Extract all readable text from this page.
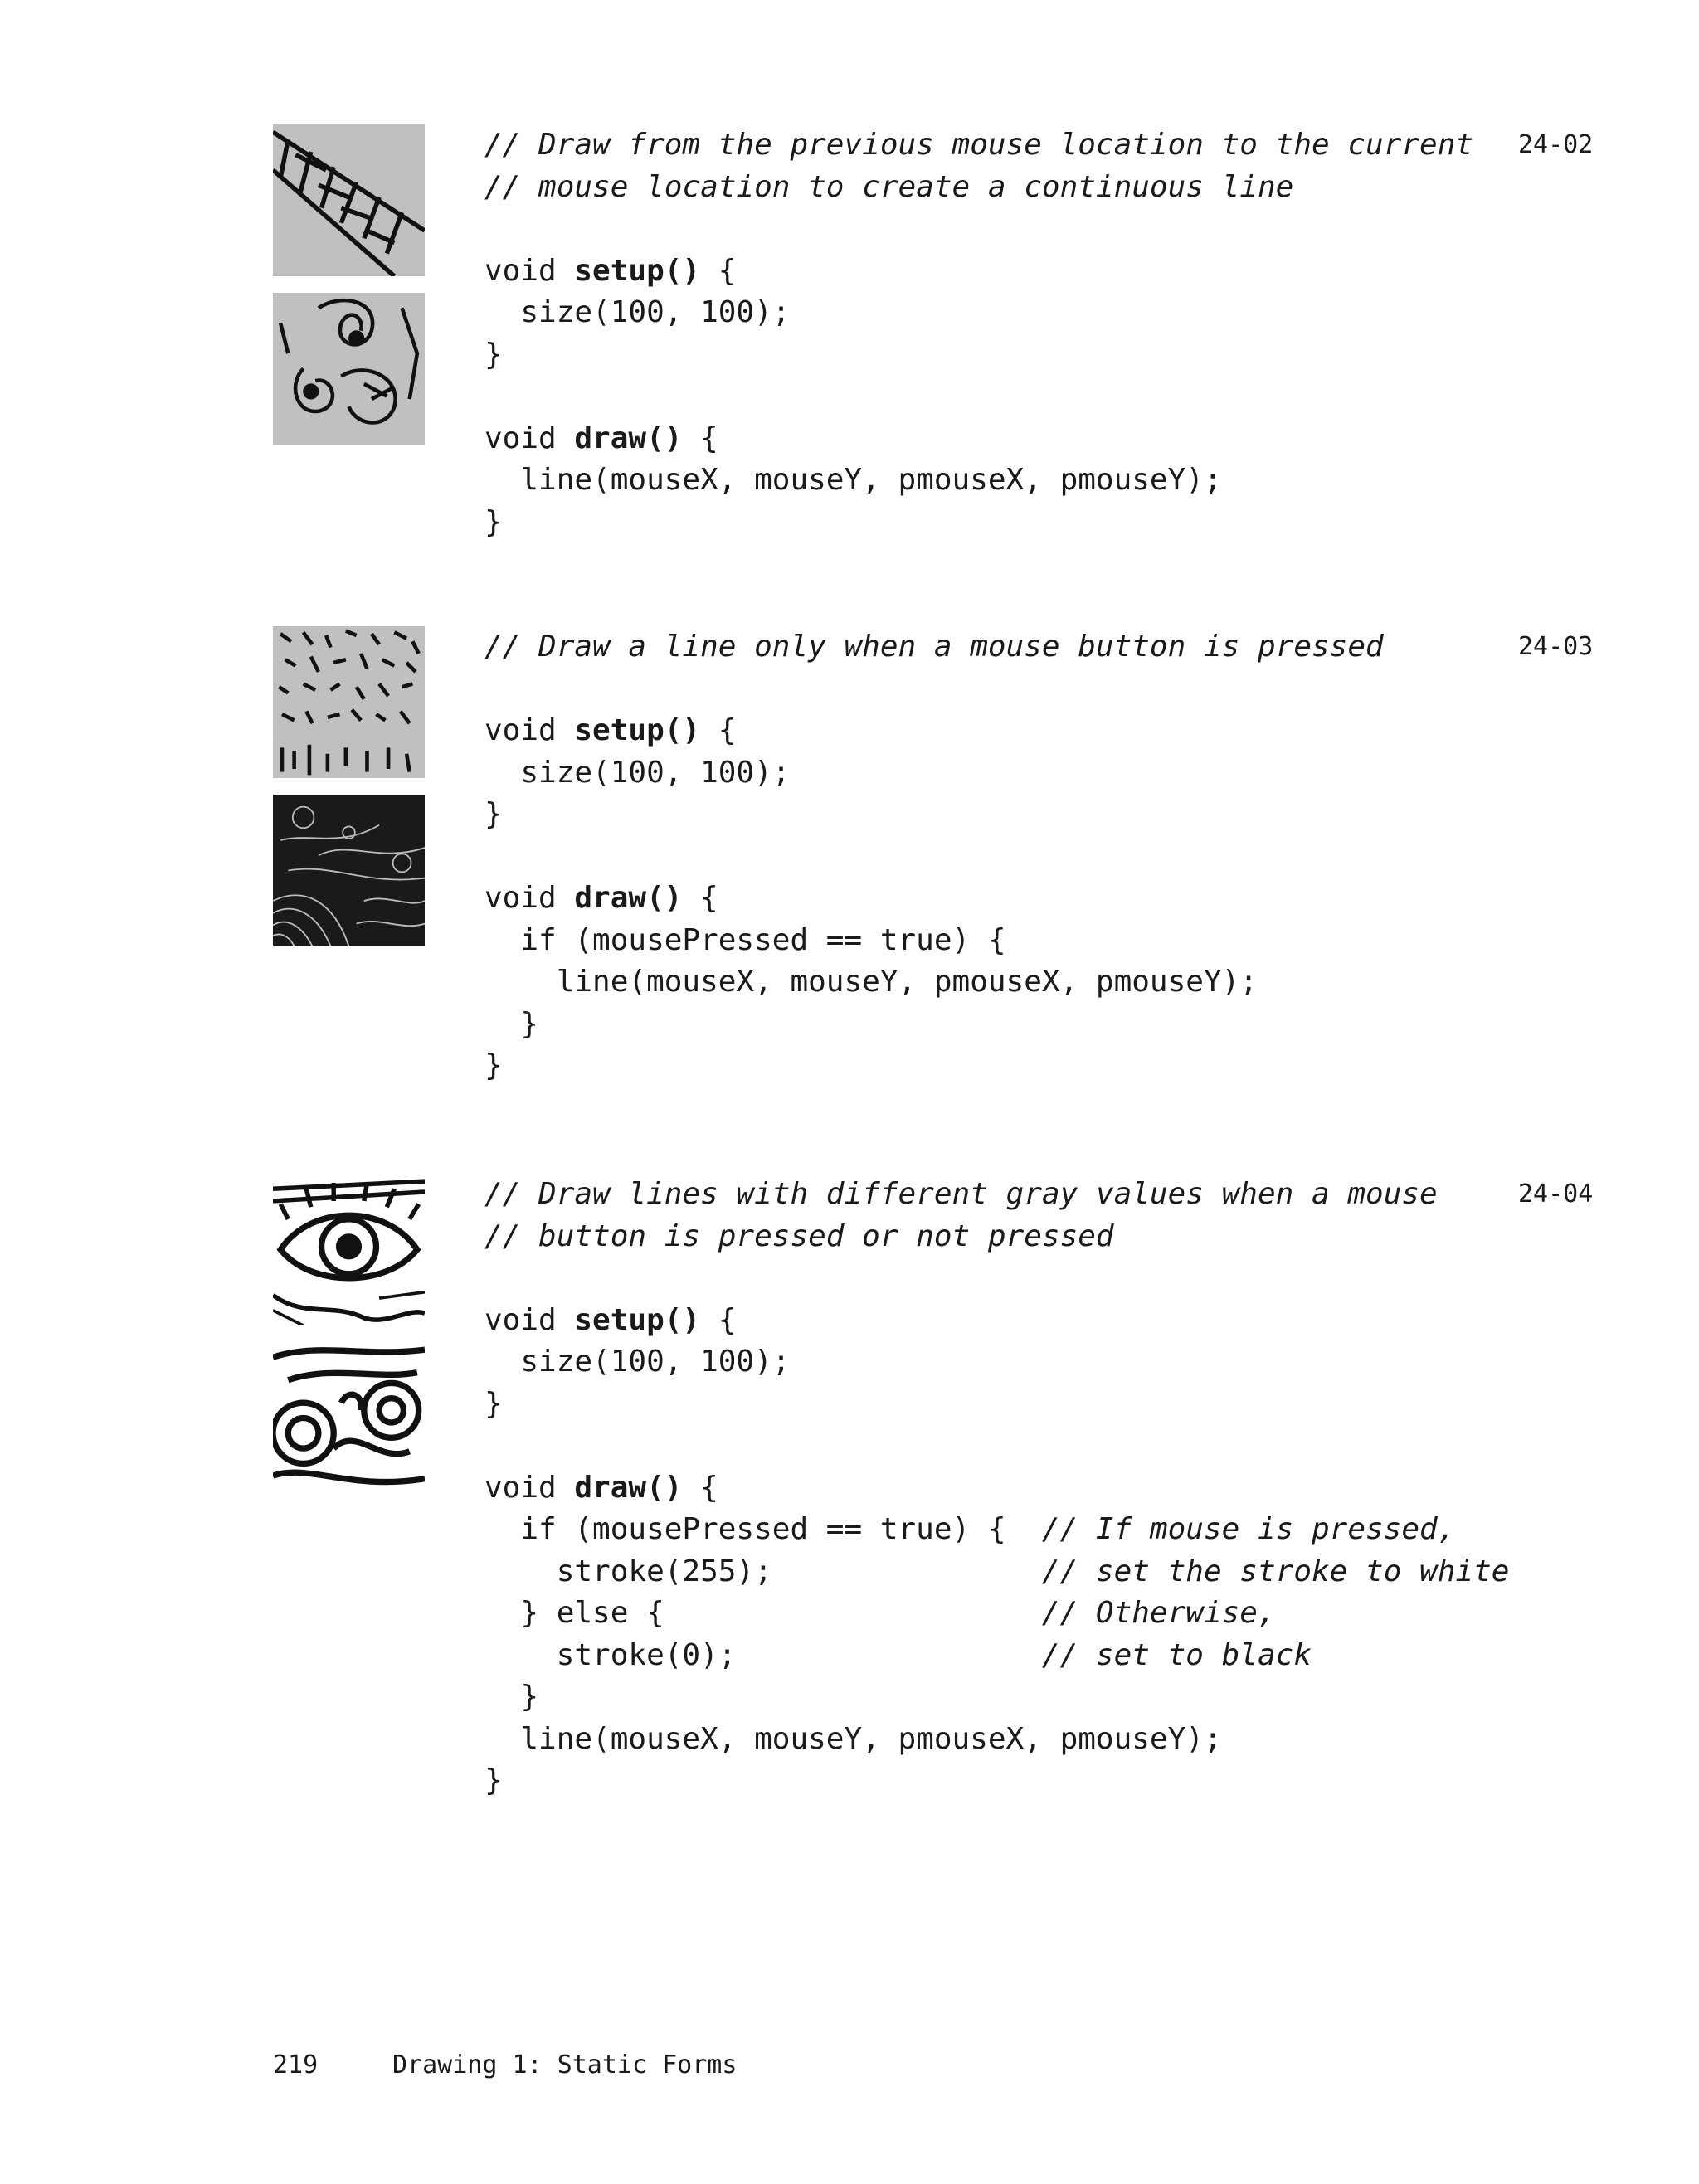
// Draw from the previous mouse location to the current
// mouse location to create a continuous line
void setup() {
size(100, 100);
}
void draw() {
line(mouseX, mouseY, pmouseX, pmouseY);
}
24-02
// Draw a line only when a mouse button is pressed
void setup() {
size(100, 100);
}
void draw() {
if (mousePressed == true) {
line(mouseX, mouseY, pmouseX, pmouseY);
}
}
24-03
// Draw lines with different gray values when a mouse
// button is pressed or not pressed
void setup() {
size(100, 100);
}
void draw() {
if (mousePressed == true) {  // If mouse is pressed,
stroke(255);               // set the stroke to white
} else {                     // Otherwise,
stroke(0);                 // set to black
}
line(mouseX, mouseY, pmouseX, pmouseY);
}
24-04
219	Drawing 1: Static Forms
